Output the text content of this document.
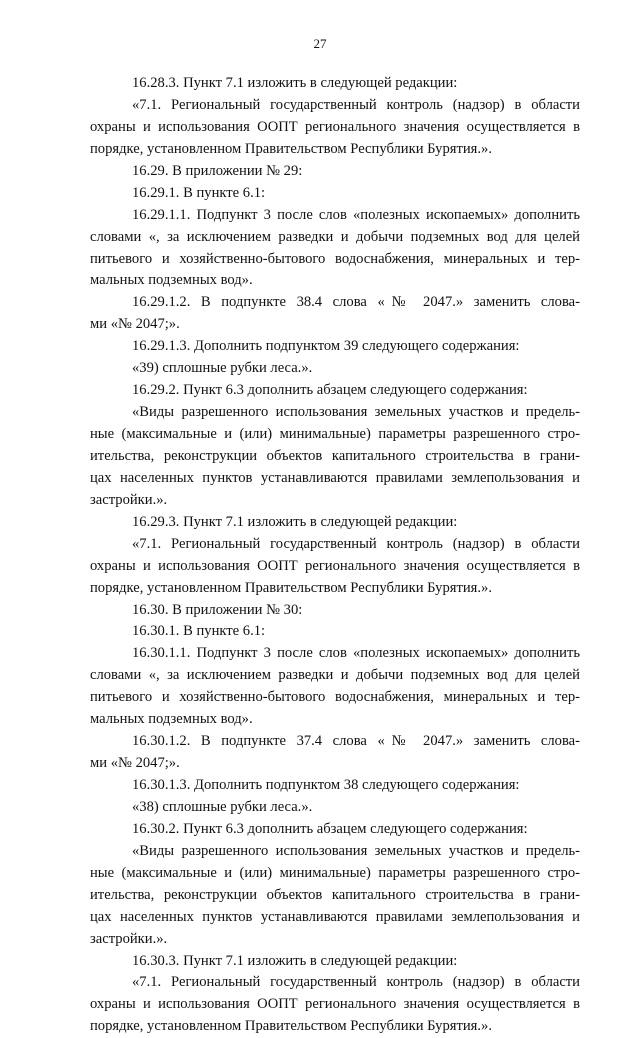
27
16.28.3. Пункт 7.1 изложить в следующей редакции:
«7.1. Региональный государственный контроль (надзор) в области
охраны и использования ООПТ регионального значения осуществляется в
порядке, установленном Правительством Республики Бурятия.».
16.29. В приложении № 29:
16.29.1. В пункте 6.1:
16.29.1.1. Подпункт 3 после слов «полезных ископаемых» дополнить
словами «, за исключением разведки и добычи подземных вод для целей
питьевого и хозяйственно-бытового водоснабжения, минеральных и тер-
мальных подземных вод».
16.29.1.2. В подпункте 38.4 слова «№ 2047.» заменить слова-
ми «№ 2047;».
16.29.1.3. Дополнить подпунктом 39 следующего содержания:
«39) сплошные рубки леса.».
16.29.2. Пункт 6.3 дополнить абзацем следующего содержания:
«Виды разрешенного использования земельных участков и предель-
ные (максимальные и (или) минимальные) параметры разрешенного стро-
ительства, реконструкции объектов капитального строительства в грани-
цах населенных пунктов устанавливаются правилами землепользования и
застройки.».
16.29.3. Пункт 7.1 изложить в следующей редакции:
«7.1. Региональный государственный контроль (надзор) в области
охраны и использования ООПТ регионального значения осуществляется в
порядке, установленном Правительством Республики Бурятия.».
16.30. В приложении № 30:
16.30.1. В пункте 6.1:
16.30.1.1. Подпункт 3 после слов «полезных ископаемых» дополнить
словами «, за исключением разведки и добычи подземных вод для целей
питьевого и хозяйственно-бытового водоснабжения, минеральных и тер-
мальных подземных вод».
16.30.1.2. В подпункте 37.4 слова «№ 2047.» заменить слова-
ми «№ 2047;».
16.30.1.3. Дополнить подпунктом 38 следующего содержания:
«38) сплошные рубки леса.».
16.30.2. Пункт 6.3 дополнить абзацем следующего содержания:
«Виды разрешенного использования земельных участков и предель-
ные (максимальные и (или) минимальные) параметры разрешенного стро-
ительства, реконструкции объектов капитального строительства в грани-
цах населенных пунктов устанавливаются правилами землепользования и
застройки.».
16.30.3. Пункт 7.1 изложить в следующей редакции:
«7.1. Региональный государственный контроль (надзор) в области
охраны и использования ООПТ регионального значения осуществляется в
порядке, установленном Правительством Республики Бурятия.».
